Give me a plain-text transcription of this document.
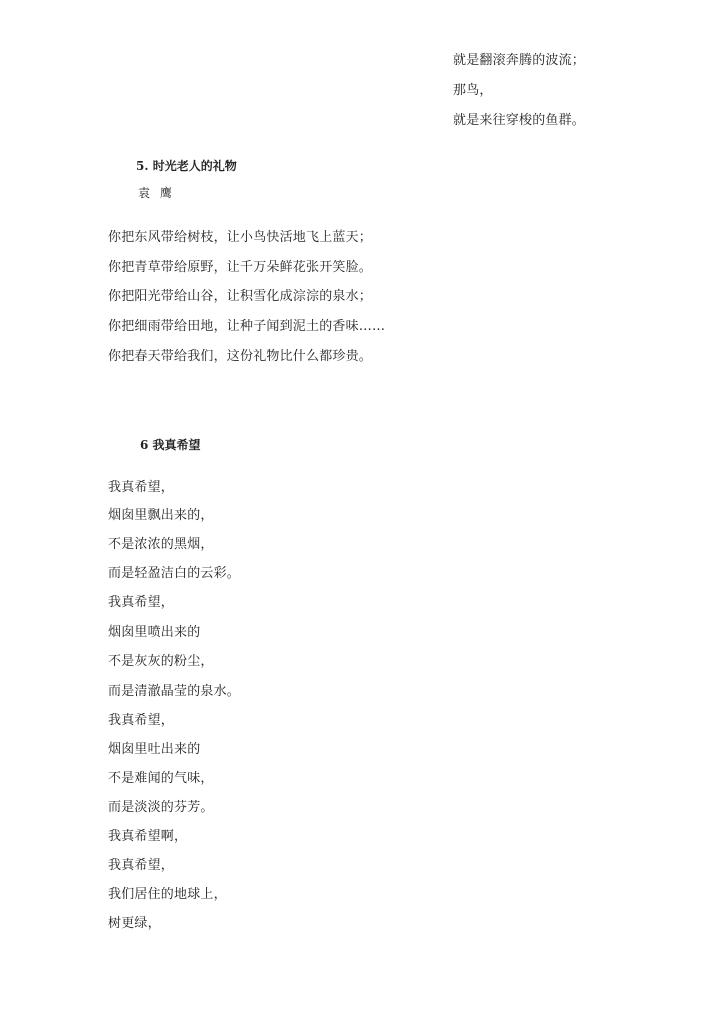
就是翻滚奔腾的波流；
那鸟，
就是来往穿梭的鱼群。
5. 时光老人的礼物
袁 鹰
你把东风带给树枝，让小鸟快活地飞上蓝天；
你把青草带给原野，让千万朵鲜花张开笑脸。
你把阳光带给山谷，让积雪化成淙淙的泉水；
你把细雨带给田地，让种子闻到泥土的香味……
你把春天带给我们，这份礼物比什么都珍贵。
6 我真希望
我真希望，
烟囱里飘出来的，
不是浓浓的黑烟，
而是轻盈洁白的云彩。
我真希望，
烟囱里喷出来的
不是灰灰的粉尘，
而是清澈晶莹的泉水。
我真希望，
烟囱里吐出来的
不是难闻的气味，
而是淡淡的芬芳。
我真希望啊，
我真希望，
我们居住的地球上，
树更绿，
